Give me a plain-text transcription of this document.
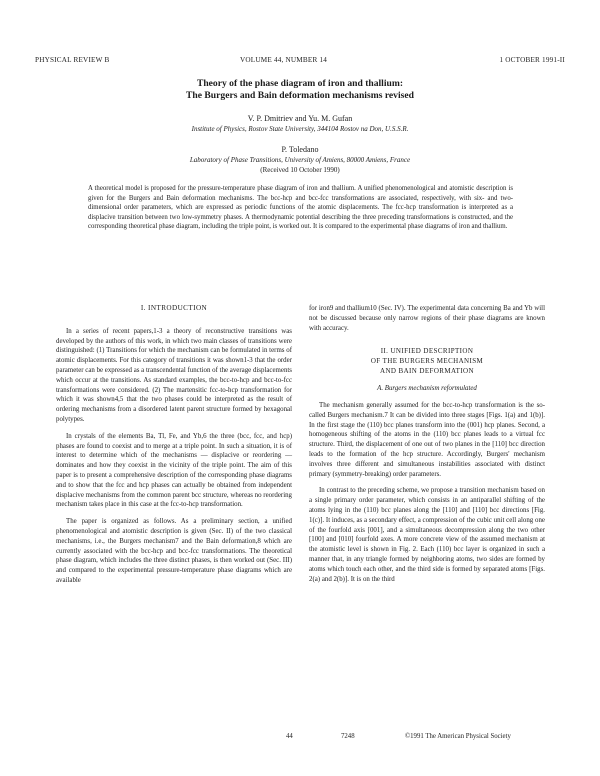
PHYSICAL REVIEW B	VOLUME 44, NUMBER 14	1 OCTOBER 1991-II
Theory of the phase diagram of iron and thallium:
The Burgers and Bain deformation mechanisms revised
V. P. Dmitriev and Yu. M. Gufan
Institute of Physics, Rostov State University, 344104 Rostov na Don, U.S.S.R.
P. Toledano
Laboratory of Phase Transitions, University of Amiens, 80000 Amiens, France
(Received 10 October 1990)

A theoretical model is proposed for the pressure-temperature phase diagram of iron and thallium. A unified phenomenological and atomistic description is given for the Burgers and Bain deformation mechanisms. The bcc-hcp and bcc-fcc transformations are associated, respectively, with six- and two-dimensional order parameters, which are expressed as periodic functions of the atomic displacements. The fcc-hcp transformation is interpreted as a displacive transition between two low-symmetry phases. A thermodynamic potential describing the three preceding transformations is constructed, and the corresponding theoretical phase diagram, including the triple point, is worked out. It is compared to the experimental phase diagrams of iron and thallium.

I. INTRODUCTION

In a series of recent papers,1-3 a theory of reconstructive transitions was developed by the authors of this work, in which two main classes of transitions were distinguished: (1) Transitions for which the mechanism can be formulated in terms of atomic displacements. For this category of transitions it was shown1-3 that the order parameter can be expressed as a transcendental function of the average displacements which occur at the transitions. As standard examples, the bcc-to-hcp and bcc-to-fcc transformations were considered. (2) The martensitic fcc-to-hcp transformation for which it was shown4,5 that the two phases could be interpreted as the result of ordering mechanisms from a disordered latent parent structure formed by hexagonal polytypes.

In crystals of the elements Ba, Tl, Fe, and Yb,6 the three (bcc, fcc, and hcp) phases are found to coexist and to merge at a triple point. In such a situation, it is of interest to determine which of the mechanisms — displacive or reordering — dominates and how they coexist in the vicinity of the triple point. The aim of this paper is to present a comprehensive description of the corresponding phase diagrams and to show that the fcc and hcp phases can actually be obtained from independent displacive mechanisms from the common parent bcc structure, whereas no reordering mechanism takes place in this case at the fcc-to-hcp transformation.

The paper is organized as follows. As a preliminary section, a unified phenomenological and atomistic description is given (Sec. II) of the two classical mechanisms, i.e., the Burgers mechanism7 and the Bain deformation,8 which are currently associated with the bcc-hcp and bcc-fcc transformations. The theoretical phase diagram, which includes the three distinct phases, is then worked out (Sec. III) and compared to the experimental pressure-temperature phase diagrams which are available

for iron9 and thallium10 (Sec. IV). The experimental data concerning Ba and Yb will not be discussed because only narrow regions of their phase diagrams are known with accuracy.

II. UNIFIED DESCRIPTION
OF THE BURGERS MECHANISM
AND BAIN DEFORMATION
A. Burgers mechanism reformulated

The mechanism generally assumed for the bcc-to-hcp transformation is the so-called Burgers mechanism.7 It can be divided into three stages [Figs. 1(a) and 1(b)]. In the first stage the (110) bcc planes transform into the (001) hcp planes. Second, a homogeneous shifting of the atoms in the (110) bcc planes leads to a virtual fcc structure. Third, the displacement of one out of two planes in the [110] bcc direction leads to the formation of the hcp structure. Accordingly, Burgers' mechanism involves three different and simultaneous instabilities associated with distinct primary (symmetry-breaking) order parameters.

In contrast to the preceding scheme, we propose a transition mechanism based on a single primary order parameter, which consists in an antiparallel shifting of the atoms lying in the (110) bcc planes along the [110] and [110] bcc directions [Fig. 1(c)]. It induces, as a secondary effect, a compression of the cubic unit cell along one of the fourfold axis [001], and a simultaneous decompression along the two other [100] and [010] fourfold axes. A more concrete view of the assumed mechanism at the atomistic level is shown in Fig. 2. Each (110) bcc layer is organized in such a manner that, in any triangle formed by neighboring atoms, two sides are formed by atoms which touch each other, and the third side is formed by separated atoms [Figs. 2(a) and 2(b)]. It is on the third

44	7248	©1991 The American Physical Society
